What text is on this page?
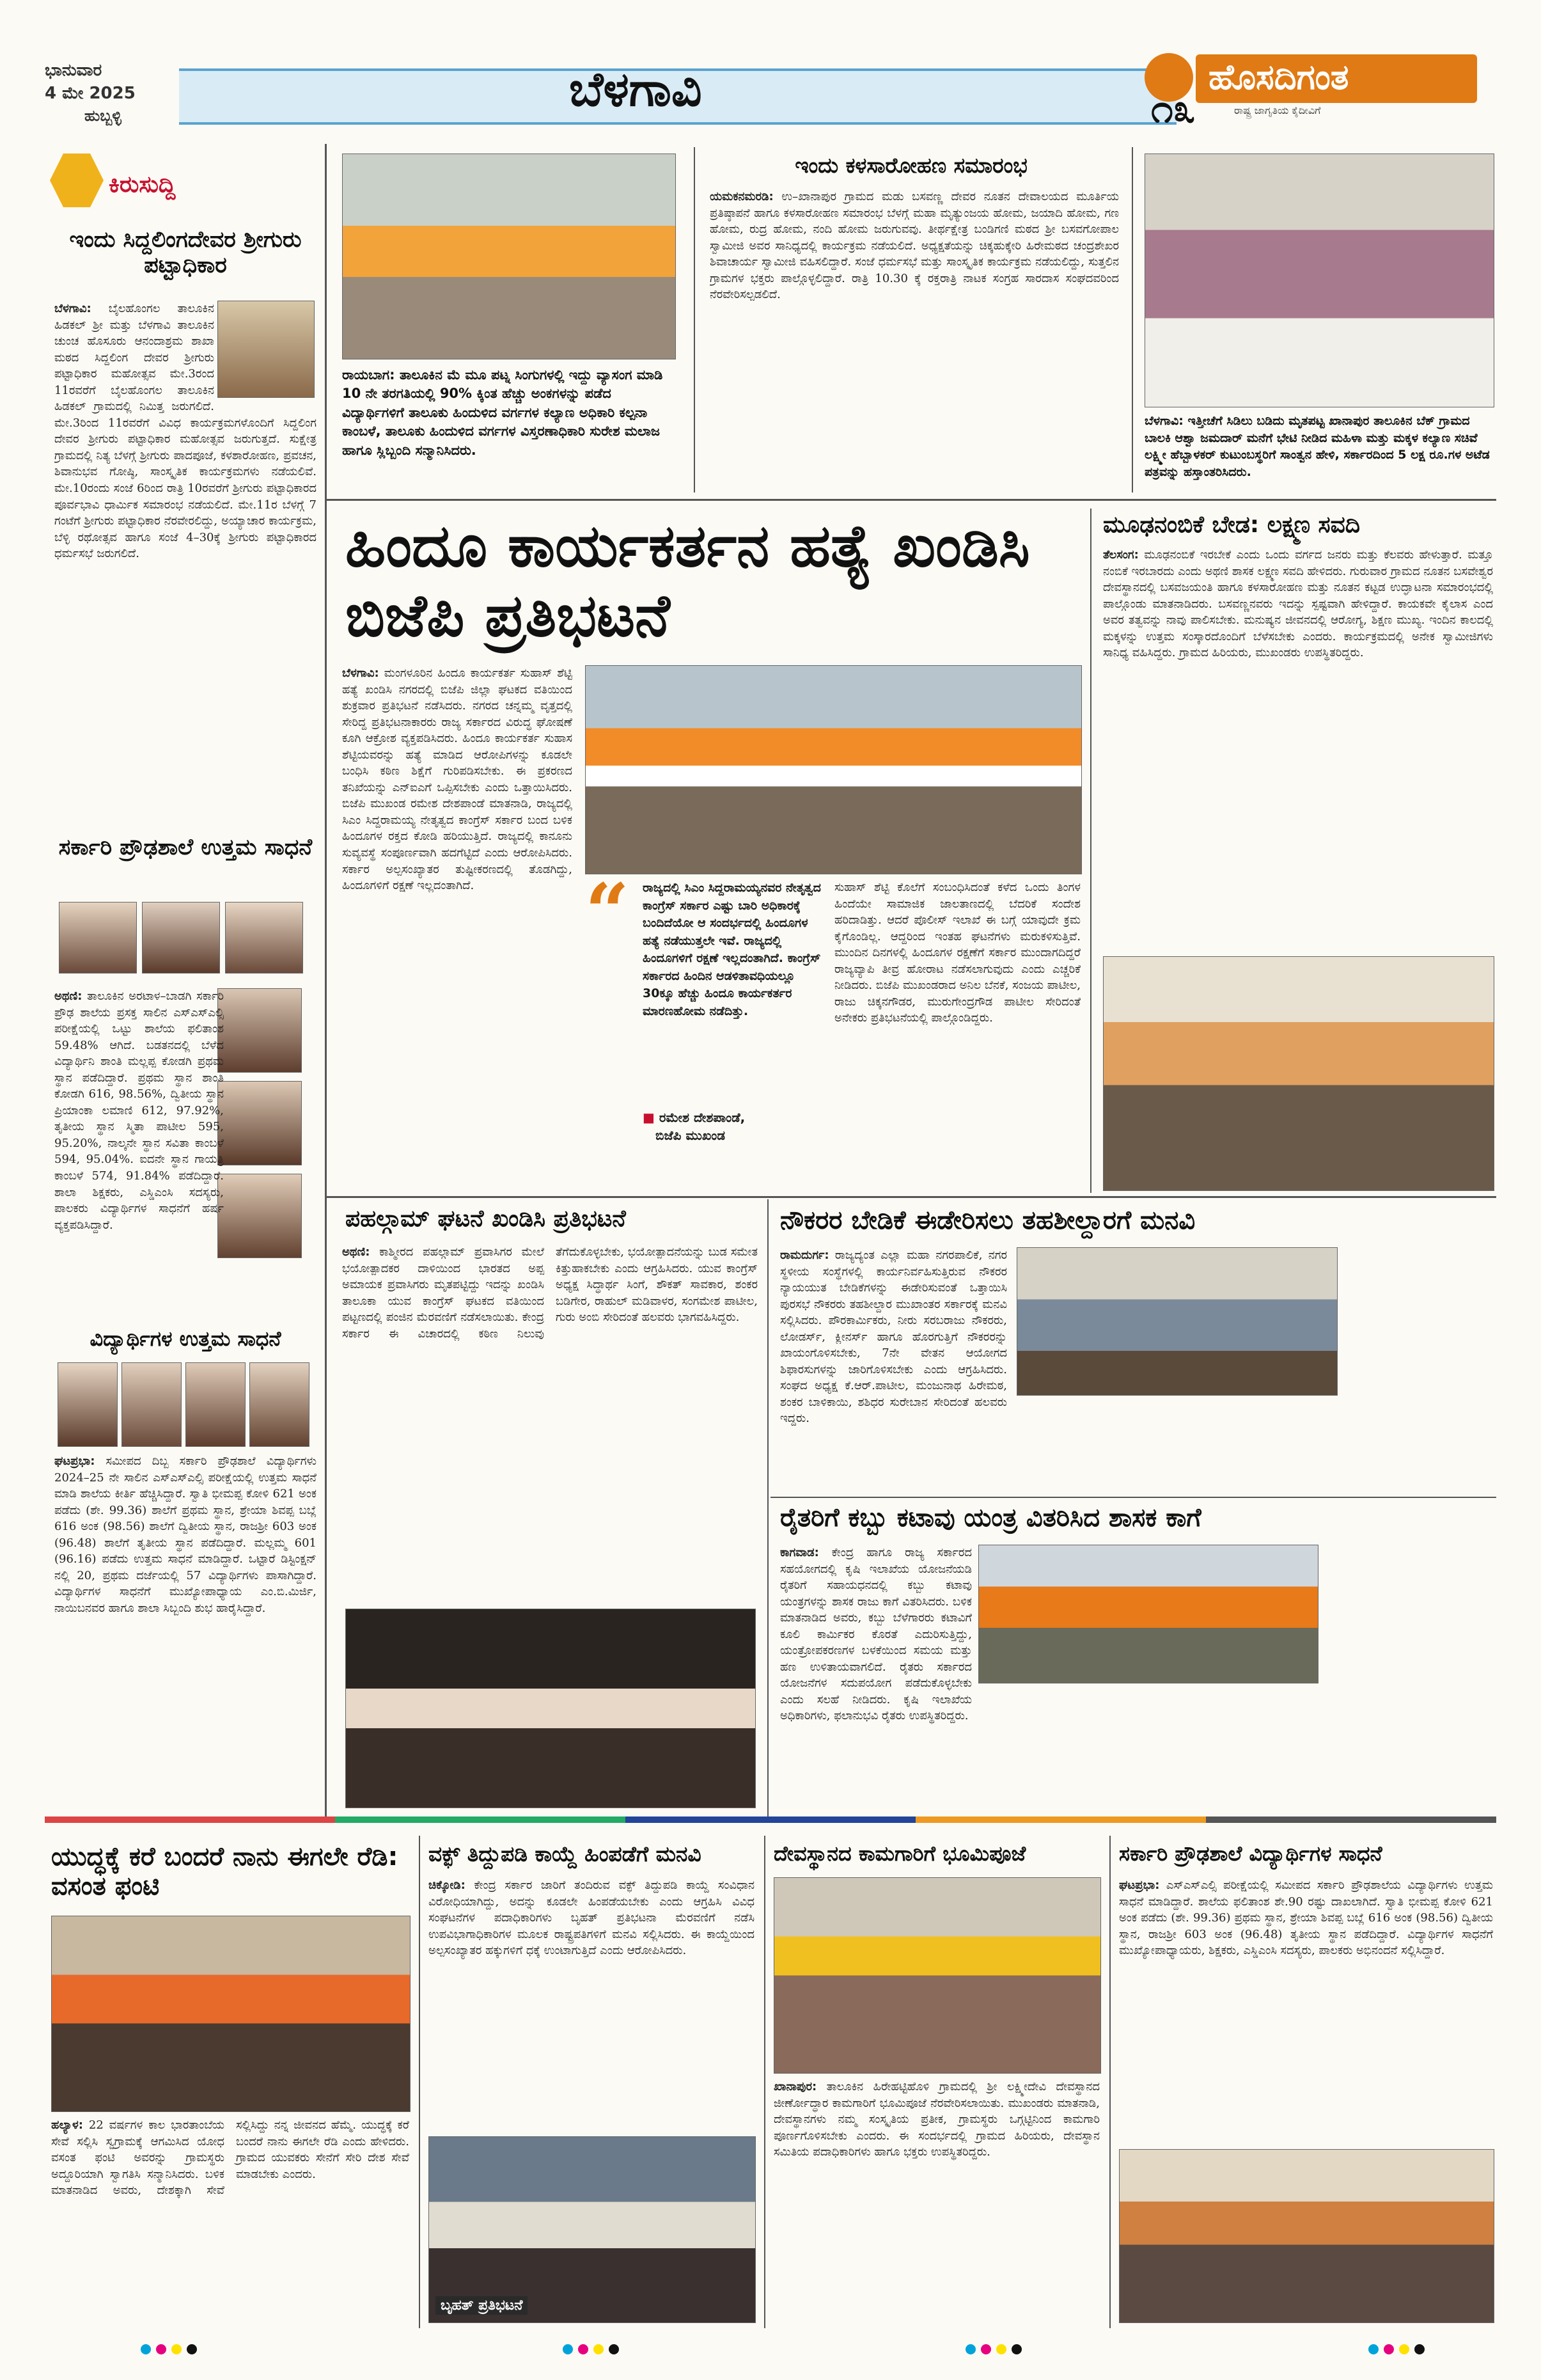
ಭಾನುವಾರ
4 ಮೇ 2025
ಹುಬ್ಬಳ್ಳಿ	ಬೆಳಗಾವಿ	ಹೊಸದಿಗಂತ
ರಾಷ್ಟ್ರ ಜಾಗೃತಿಯ ಕೈದೀವಿಗೆ
೧೩
ಕಿರುಸುದ್ದಿ
ಇಂದು ಸಿದ್ದಲಿಂಗದೇವರ ಶ್ರೀಗುರು ಪಟ್ಟಾಧಿಕಾರ
ಬೆಳಗಾವಿ: ಬೈಲಹೊಂಗಲ ತಾಲೂಕಿನ ಹಿಡಕಲ್ ಶ್ರೀ ಮತ್ತು ಬೆಳಗಾವಿ ತಾಲೂಕಿನ ಚುಂಚ ಹೊಸೂರು ಆನಂದಾಶ್ರಮ ಶಾಖಾ ಮಠದ ಸಿದ್ದಲಿಂಗ ದೇವರ ಶ್ರೀಗುರು ಪಟ್ಟಾಧಿಕಾರ ಮಹೋತ್ಸವ ಮೇ.3ರಂದ 11ರವರೆಗೆ ಬೈಲಹೊಂಗಲ ತಾಲೂಕಿನ ಹಿಡಕಲ್ ಗ್ರಾಮದಲ್ಲಿ ನಿಮಿತ್ತ ಜರುಗಲಿದೆ. ಮೇ.3ರಿಂದ 11ರವರೆಗೆ ವಿವಿಧ ಕಾರ್ಯಕ್ರಮಗಳೊಂದಿಗೆ ಸಿದ್ದಲಿಂಗ ದೇವರ ಶ್ರೀಗುರು ಪಟ್ಟಾಧಿಕಾರ ಮಹೋತ್ಸವ ಜರುಗುತ್ತದೆ. ಸುಕ್ಷೇತ್ರ ಗ್ರಾಮದಲ್ಲಿ ನಿತ್ಯ ಬೆಳಗ್ಗೆ ಶ್ರೀಗುರು ಪಾದಪೂಜೆ, ಕಳಶಾರೋಹಣ, ಪ್ರವಚನ, ಶಿವಾನುಭವ ಗೋಷ್ಠಿ, ಸಾಂಸ್ಕೃತಿಕ ಕಾರ್ಯಕ್ರಮಗಳು ನಡೆಯಲಿವೆ. ಮೇ.10ರಂದು ಸಂಜೆ 6ರಿಂದ ರಾತ್ರಿ 10ರವರೆಗೆ ಶ್ರೀಗುರು ಪಟ್ಟಾಧಿಕಾರದ ಪೂರ್ವಭಾವಿ ಧಾರ್ಮಿಕ ಸಮಾರಂಭ ನಡೆಯಲಿದೆ. ಮೇ.11ರ ಬೆಳಗ್ಗೆ 7 ಗಂಟೆಗೆ ಶ್ರೀಗುರು ಪಟ್ಟಾಧಿಕಾರ ನೆರವೇರಲಿದ್ದು, ಅಯ್ಯಾಚಾರ ಕಾರ್ಯಕ್ರಮ, ಬೆಳ್ಳಿ ರಥೋತ್ಸವ ಹಾಗೂ ಸಂಜೆ 4–30ಕ್ಕೆ ಶ್ರೀಗುರು ಪಟ್ಟಾಧಿಕಾರದ ಧರ್ಮಸಭೆ ಜರುಗಲಿದೆ.
ಸರ್ಕಾರಿ ಪ್ರೌಢಶಾಲೆ ಉತ್ತಮ ಸಾಧನೆ
ಅಥಣಿ: ತಾಲೂಕಿನ ಅರಟಾಳ–ಬಾಡಗಿ ಸರ್ಕಾರಿ ಪ್ರೌಢ ಶಾಲೆಯ ಪ್ರಸಕ್ತ ಸಾಲಿನ ಎಸ್ಎಸ್ಎಲ್ಸಿ ಪರೀಕ್ಷೆಯಲ್ಲಿ ಒಟ್ಟು ಶಾಲೆಯ ಫಲಿತಾಂಶ 59.48% ಆಗಿದೆ. ಬಡತನದಲ್ಲಿ ಬೆಳೆದ ವಿದ್ಯಾರ್ಥಿನಿ ಶಾಂತಿ ಮಲ್ಲಪ್ಪ ಕೋಡಗಿ ಪ್ರಥಮ ಸ್ಥಾನ ಪಡೆದಿದ್ದಾರೆ. ಪ್ರಥಮ ಸ್ಥಾನ ಶಾಂತಿ ಕೋಡಗಿ 616, 98.56%, ದ್ವಿತೀಯ ಸ್ಥಾನ ಪ್ರಿಯಾಂಕಾ ಲಮಾಣಿ 612, 97.92%, ತೃತೀಯ ಸ್ಥಾನ ಸ್ಮಿತಾ ಪಾಟೀಲ 595, 95.20%, ನಾಲ್ಕನೇ ಸ್ಥಾನ ಸವಿತಾ ಕಾಂಬಳೆ 594, 95.04%. ಐದನೇ ಸ್ಥಾನ ಗಾಯತ್ರಿ ಕಾಂಬಳೆ 574, 91.84% ಪಡೆದಿದ್ದಾರೆ. ಶಾಲಾ ಶಿಕ್ಷಕರು, ಎಸ್ಡಿಎಂಸಿ ಸದಸ್ಯರು, ಪಾಲಕರು ವಿದ್ಯಾರ್ಥಿಗಳ ಸಾಧನೆಗೆ ಹರ್ಷ ವ್ಯಕ್ತಪಡಿಸಿದ್ದಾರೆ.
ವಿದ್ಯಾರ್ಥಿಗಳ ಉತ್ತಮ ಸಾಧನೆ
ಘಟಪ್ರಭಾ: ಸಮೀಪದ ದಿಬ್ಬ ಸರ್ಕಾರಿ ಪ್ರೌಢಶಾಲೆ ವಿದ್ಯಾರ್ಥಿಗಳು 2024–25 ನೇ ಸಾಲಿನ ಎಸ್ಎಸ್ಎಲ್ಸಿ ಪರೀಕ್ಷೆಯಲ್ಲಿ ಉತ್ತಮ ಸಾಧನೆ ಮಾಡಿ ಶಾಲೆಯ ಕೀರ್ತಿ ಹೆಚ್ಚಿಸಿದ್ದಾರೆ. ಸ್ವಾತಿ ಭೀಮಪ್ಪ ಕೋಳಿ 621 ಅಂಕ ಪಡೆದು (ಶೇ. 99.36) ಶಾಲೆಗೆ ಪ್ರಥಮ ಸ್ಥಾನ, ಶ್ರೇಯಾ ಶಿವಪ್ಪ ಬಬ್ಲೆ 616 ಅಂಕ (98.56) ಶಾಲೆಗೆ ದ್ವಿತೀಯ ಸ್ಥಾನ, ರಾಜಶ್ರೀ 603 ಅಂಕ (96.48) ಶಾಲೆಗೆ ತೃತೀಯ ಸ್ಥಾನ ಪಡೆದಿದ್ದಾರೆ. ಮಲ್ಲಮ್ಮ 601 (96.16) ಪಡೆದು ಉತ್ತಮ ಸಾಧನೆ ಮಾಡಿದ್ದಾರೆ. ಒಟ್ಟಾರೆ ಡಿಸ್ಟಿಂಕ್ಷನ್ ನಲ್ಲಿ 20, ಪ್ರಥಮ ದರ್ಜೆಯಲ್ಲಿ 57 ವಿದ್ಯಾರ್ಥಿಗಳು ಪಾಸಾಗಿದ್ದಾರೆ. ವಿದ್ಯಾರ್ಥಿಗಳ ಸಾಧನೆಗೆ ಮುಖ್ಯೋಪಾಧ್ಯಾಯ ಎಂ.ಬಿ.ಮಿರ್ಜಿ, ನಾಯಿಬನವರ ಹಾಗೂ ಶಾಲಾ ಸಿಬ್ಬಂದಿ ಶುಭ ಹಾರೈಸಿದ್ದಾರೆ.
ರಾಯಬಾಗ: ತಾಲೂಕಿನ ಮೆ ಮೂ ಪಟ್ನ ಸಿಂಗುಗಳಲ್ಲಿ ಇದ್ದು ವ್ಯಾಸಂಗ ಮಾಡಿ 10 ನೇ ತರಗತಿಯಲ್ಲಿ 90% ಕ್ಕಿಂತ ಹೆಚ್ಚು ಅಂಕಗಳನ್ನು ಪಡೆದ ವಿದ್ಯಾರ್ಥಿಗಳಿಗೆ ತಾಲೂಕು ಹಿಂದುಳಿದ ವರ್ಗಗಳ ಕಲ್ಯಾಣ ಅಧಿಕಾರಿ ಕಲ್ಪನಾ ಕಾಂಬಳೆ, ತಾಲೂಕು ಹಿಂದುಳಿದ ವರ್ಗಗಳ ವಿಸ್ತರಣಾಧಿಕಾರಿ ಸುರೇಶ ಮಲಾಜ ಹಾಗೂ ಸ್ಲಿಬ್ಬಂದಿ ಸನ್ಮಾನಿಸಿದರು.
ಇಂದು ಕಳಸಾರೋಹಣ ಸಮಾರಂಭ
ಯಮಕನಮರಡಿ: ಉ–ಖಾನಾಪುರ ಗ್ರಾಮದ ಮಡು ಬಸವಣ್ಣ ದೇವರ ನೂತನ ದೇವಾಲಯದ ಮೂರ್ತಿಯ ಪ್ರತಿಷ್ಠಾಪನೆ ಹಾಗೂ ಕಳಸಾರೋಹಣ ಸಮಾರಂಭ ಬೆಳಗ್ಗೆ ಮಹಾ ಮೃತ್ಯುಂಜಯ ಹೋಮ, ಜಯಾದಿ ಹೋಮ, ಗಣ ಹೋಮ, ರುದ್ರ ಹೋಮ, ನಂದಿ ಹೋಮ ಜರುಗುವವು. ತೀರ್ಥಕ್ಷೇತ್ರ ಬಂಡಿಗಣಿ ಮಠದ ಶ್ರೀ ಬಸವಗೋಪಾಲ ಸ್ವಾಮೀಜಿ ಅವರ ಸಾನಿಧ್ಯದಲ್ಲಿ ಕಾರ್ಯಕ್ರಮ ನಡೆಯಲಿದೆ. ಅಧ್ಯಕ್ಷತೆಯನ್ನು ಚಿಕ್ಕಹುಕ್ಕೇರಿ ಹಿರೇಮಠದ ಚಂದ್ರಶೇಖರ ಶಿವಾಚಾರ್ಯ ಸ್ವಾಮೀಜಿ ವಹಿಸಲಿದ್ದಾರೆ. ಸಂಜೆ ಧರ್ಮಸಭೆ ಮತ್ತು ಸಾಂಸ್ಕೃತಿಕ ಕಾರ್ಯಕ್ರಮ ನಡೆಯಲಿದ್ದು, ಸುತ್ತಲಿನ ಗ್ರಾಮಗಳ ಭಕ್ತರು ಪಾಲ್ಗೊಳ್ಳಲಿದ್ದಾರೆ. ರಾತ್ರಿ 10.30 ಕ್ಕೆ ರಕ್ತರಾತ್ರಿ ನಾಟಕ ಸಂಗ್ರಹ ಸಾರದಾಸ ಸಂಘದವರಿಂದ ನೆರವೇರಿಸಲ್ಪಡಲಿದೆ.
ಬೆಳಗಾವಿ: ಇತ್ತೀಚೆಗೆ ಸಿಡಿಲು ಬಡಿದು ಮೃತಪಟ್ಟ ಖಾನಾಪುರ ತಾಲೂಕಿನ ಬೆಕ್ ಗ್ರಾಮದ ಬಾಲಕಿ ಆಶ್ವಾ ಜಮದಾರ್ ಮನೆಗೆ ಭೇಟಿ ನೀಡಿದ ಮಹಿಳಾ ಮತ್ತು ಮಕ್ಕಳ ಕಲ್ಯಾಣ ಸಚಿವೆ ಲಕ್ಷ್ಮೀ ಹೆಬ್ಬಾಳಕರ್ ಕುಟುಂಬಸ್ಥರಿಗೆ ಸಾಂತ್ವನ ಹೇಳಿ, ಸರ್ಕಾರದಿಂದ 5 ಲಕ್ಷ ರೂ.ಗಳ ಅಟೆಡ ಪತ್ರವನ್ನು ಹಸ್ತಾಂತರಿಸಿದರು.
ಹಿಂದೂ ಕಾರ್ಯಕರ್ತನ ಹತ್ಯೆ ಖಂಡಿಸಿ ಬಿಜೆಪಿ ಪ್ರತಿಭಟನೆ
ಬೆಳಗಾವಿ: ಮಂಗಳೂರಿನ ಹಿಂದೂ ಕಾರ್ಯಕರ್ತ ಸುಹಾಸ್ ಶೆಟ್ಟಿ ಹತ್ಯೆ ಖಂಡಿಸಿ ನಗರದಲ್ಲಿ ಬಿಜೆಪಿ ಜಿಲ್ಲಾ ಘಟಕದ ವತಿಯಿಂದ ಶುಕ್ರವಾರ ಪ್ರತಿಭಟನೆ ನಡೆಸಿದರು. ನಗರದ ಚನ್ನಮ್ಮ ವೃತ್ತದಲ್ಲಿ ಸೇರಿದ್ದ ಪ್ರತಿಭಟನಾಕಾರರು ರಾಜ್ಯ ಸರ್ಕಾರದ ವಿರುದ್ಧ ಘೋಷಣೆ ಕೂಗಿ ಆಕ್ರೋಶ ವ್ಯಕ್ತಪಡಿಸಿದರು. ಹಿಂದೂ ಕಾರ್ಯಕರ್ತ ಸುಹಾಸ ಶೆಟ್ಟಿಯವರನ್ನು ಹತ್ಯೆ ಮಾಡಿದ ಆರೋಪಿಗಳನ್ನು ಕೂಡಲೇ ಬಂಧಿಸಿ ಕಠಿಣ ಶಿಕ್ಷೆಗೆ ಗುರಿಪಡಿಸಬೇಕು. ಈ ಪ್ರಕರಣದ ತನಿಖೆಯನ್ನು ಎನ್ಐಎಗೆ ಒಪ್ಪಿಸಬೇಕು ಎಂದು ಒತ್ತಾಯಿಸಿದರು. ಬಿಜೆಪಿ ಮುಖಂಡ ರಮೇಶ ದೇಶಪಾಂಡೆ ಮಾತನಾಡಿ, ರಾಜ್ಯದಲ್ಲಿ ಸಿಎಂ ಸಿದ್ದರಾಮಯ್ಯ ನೇತೃತ್ವದ ಕಾಂಗ್ರೆಸ್ ಸರ್ಕಾರ ಬಂದ ಬಳಿಕ ಹಿಂದೂಗಳ ರಕ್ತದ ಕೋಡಿ ಹರಿಯುತ್ತಿದೆ. ರಾಜ್ಯದಲ್ಲಿ ಕಾನೂನು ಸುವ್ಯವಸ್ಥೆ ಸಂಪೂರ್ಣವಾಗಿ ಹದಗೆಟ್ಟಿದೆ ಎಂದು ಆರೋಪಿಸಿದರು. ಸರ್ಕಾರ ಅಲ್ಪಸಂಖ್ಯಾತರ ತುಷ್ಟೀಕರಣದಲ್ಲಿ ತೊಡಗಿದ್ದು, ಹಿಂದೂಗಳಿಗೆ ರಕ್ಷಣೆ ಇಲ್ಲದಂತಾಗಿದೆ.	“ ರಾಜ್ಯದಲ್ಲಿ ಸಿಎಂ ಸಿದ್ದರಾಮಯ್ಯನವರ ನೇತೃತ್ವದ ಕಾಂಗ್ರೆಸ್ ಸರ್ಕಾರ ಎಷ್ಟು ಬಾರಿ ಅಧಿಕಾರಕ್ಕೆ ಬಂದಿದೆಯೋ ಆ ಸಂದರ್ಭದಲ್ಲಿ ಹಿಂದೂಗಳ ಹತ್ಯೆ ನಡೆಯುತ್ತಲೇ ಇವೆ. ರಾಜ್ಯದಲ್ಲಿ ಹಿಂದೂಗಳಿಗೆ ರಕ್ಷಣೆ ಇಲ್ಲದಂತಾಗಿದೆ. ಕಾಂಗ್ರೆಸ್ ಸರ್ಕಾರದ ಹಿಂದಿನ ಆಡಳಿತಾವಧಿಯಲ್ಲೂ 30ಕ್ಕೂ ಹೆಚ್ಚು ಹಿಂದೂ ಕಾರ್ಯಕರ್ತರ ಮಾರಣಹೋಮ ನಡೆದಿತ್ತು.
■ ರಮೇಶ ದೇಶಪಾಂಡೆ,
ಬಿಜೆಪಿ ಮುಖಂಡ
ಸುಹಾಸ್ ಶೆಟ್ಟಿ ಕೊಲೆಗೆ ಸಂಬಂಧಿಸಿದಂತೆ ಕಳೆದ ಒಂದು ತಿಂಗಳ ಹಿಂದೆಯೇ ಸಾಮಾಜಿಕ ಜಾಲತಾಣದಲ್ಲಿ ಬೆದರಿಕೆ ಸಂದೇಶ ಹರಿದಾಡಿತ್ತು. ಆದರೆ ಪೊಲೀಸ್ ಇಲಾಖೆ ಈ ಬಗ್ಗೆ ಯಾವುದೇ ಕ್ರಮ ಕೈಗೊಂಡಿಲ್ಲ. ಆದ್ದರಿಂದ ಇಂತಹ ಘಟನೆಗಳು ಮರುಕಳಿಸುತ್ತಿವೆ. ಮುಂದಿನ ದಿನಗಳಲ್ಲಿ ಹಿಂದೂಗಳ ರಕ್ಷಣೆಗೆ ಸರ್ಕಾರ ಮುಂದಾಗದಿದ್ದರೆ ರಾಜ್ಯವ್ಯಾಪಿ ತೀವ್ರ ಹೋರಾಟ ನಡೆಸಲಾಗುವುದು ಎಂದು ಎಚ್ಚರಿಕೆ ನೀಡಿದರು. ಬಿಜೆಪಿ ಮುಖಂಡರಾದ ಅನಿಲ ಬೆನಕೆ, ಸಂಜಯ ಪಾಟೀಲ, ರಾಜು ಚಿಕ್ಕನಗೌಡರ, ಮುರುಗೇಂದ್ರಗೌಡ ಪಾಟೀಲ ಸೇರಿದಂತೆ ಅನೇಕರು ಪ್ರತಿಭಟನೆಯಲ್ಲಿ ಪಾಲ್ಗೊಂಡಿದ್ದರು.
ಮೂಢನಂಬಿಕೆ ಬೇಡ: ಲಕ್ಷ್ಮಣ ಸವದಿ
ತೆಲಸಂಗ: ಮೂಢನಂಬಿಕೆ ಇರಬೇಕೆ ಎಂದು ಒಂದು ವರ್ಗದ ಜನರು ಮತ್ತು ಕೆಲವರು ಹೇಳುತ್ತಾರೆ. ಮತ್ತೂ ನಂಬಿಕೆ ಇರಬಾರದು ಎಂದು ಅಥಣಿ ಶಾಸಕ ಲಕ್ಷ್ಮಣ ಸವದಿ ಹೇಳಿದರು. ಗುರುವಾರ ಗ್ರಾಮದ ನೂತನ ಬಸವೇಶ್ವರ ದೇವಸ್ಥಾನದಲ್ಲಿ ಬಸವಜಯಂತಿ ಹಾಗೂ ಕಳಸಾರೋಹಣ ಮತ್ತು ನೂತನ ಕಟ್ಟಡ ಉದ್ಘಾಟನಾ ಸಮಾರಂಭದಲ್ಲಿ ಪಾಲ್ಗೊಂಡು ಮಾತನಾಡಿದರು. ಬಸವಣ್ಣನವರು ಇದನ್ನು ಸ್ಪಷ್ಟವಾಗಿ ಹೇಳಿದ್ದಾರೆ. ಕಾಯಕವೇ ಕೈಲಾಸ ಎಂದ ಅವರ ತತ್ವವನ್ನು ನಾವು ಪಾಲಿಸಬೇಕು. ಮನುಷ್ಯನ ಜೀವನದಲ್ಲಿ ಆರೋಗ್ಯ, ಶಿಕ್ಷಣ ಮುಖ್ಯ. ಇಂದಿನ ಕಾಲದಲ್ಲಿ ಮಕ್ಕಳನ್ನು ಉತ್ತಮ ಸಂಸ್ಕಾರದೊಂದಿಗೆ ಬೆಳೆಸಬೇಕು ಎಂದರು. ಕಾರ್ಯಕ್ರಮದಲ್ಲಿ ಅನೇಕ ಸ್ವಾಮೀಜಿಗಳು ಸಾನಿಧ್ಯ ವಹಿಸಿದ್ದರು. ಗ್ರಾಮದ ಹಿರಿಯರು, ಮುಖಂಡರು ಉಪಸ್ಥಿತರಿದ್ದರು.
ಪಹಲ್ಗಾಮ್ ಘಟನೆ ಖಂಡಿಸಿ ಪ್ರತಿಭಟನೆ
ಅಥಣಿ: ಕಾಶ್ಮೀರದ ಪಹಲ್ಗಾಮ್ ಪ್ರವಾಸಿಗರ ಮೇಲೆ ಭಯೋತ್ಪಾದಕರ ದಾಳಿಯಿಂದ ಭಾರತದ ಅಪ್ಪ ಅಮಾಯಕ ಪ್ರವಾಸಿಗರು ಮೃತಪಟ್ಟಿದ್ದು ಇದನ್ನು ಖಂಡಿಸಿ ತಾಲೂಕಾ ಯುವ ಕಾಂಗ್ರೆಸ್ ಘಟಕದ ವತಿಯಿಂದ ಪಟ್ಟಣದಲ್ಲಿ ಪಂಜಿನ ಮೆರವಣಿಗೆ ನಡೆಸಲಾಯಿತು. ಕೇಂದ್ರ ಸರ್ಕಾರ ಈ ವಿಚಾರದಲ್ಲಿ ಕಠಿಣ ನಿಲುವು ತೆಗೆದುಕೊಳ್ಳಬೇಕು, ಭಯೋತ್ಪಾದನೆಯನ್ನು ಬುಡ ಸಮೇತ ಕಿತ್ತುಹಾಕಬೇಕು ಎಂದು ಆಗ್ರಹಿಸಿದರು. ಯುವ ಕಾಂಗ್ರೆಸ್ ಅಧ್ಯಕ್ಷ ಸಿದ್ಧಾರ್ಥ ಸಿಂಗೆ, ಶೌಕತ್ ಸಾವಕಾರ, ಶಂಕರ ಬಡಿಗೇರ, ರಾಹುಲ್ ಮಡಿವಾಳರ, ಸಂಗಮೇಶ ಪಾಟೀಲ, ಗುರು ಅಂಬಿ ಸೇರಿದಂತೆ ಹಲವರು ಭಾಗವಹಿಸಿದ್ದರು.
ನೌಕರರ ಬೇಡಿಕೆ ಈಡೇರಿಸಲು ತಹಶೀಲ್ದಾರಗೆ ಮನವಿ
ರಾಮದುರ್ಗ: ರಾಜ್ಯದ್ಯಂತ ಎಲ್ಲಾ ಮಹಾ ನಗರಪಾಲಿಕೆ, ನಗರ ಸ್ಥಳೀಯ ಸಂಸ್ಥೆಗಳಲ್ಲಿ ಕಾರ್ಯನಿರ್ವಹಿಸುತ್ತಿರುವ ನೌಕರರ ನ್ಯಾಯಯುತ ಬೇಡಿಕೆಗಳನ್ನು ಈಡೇರಿಸುವಂತೆ ಒತ್ತಾಯಿಸಿ ಪುರಸಭೆ ನೌಕರರು ತಹಶೀಲ್ದಾರ ಮುಖಾಂತರ ಸರ್ಕಾರಕ್ಕೆ ಮನವಿ ಸಲ್ಲಿಸಿದರು. ಪೌರಕಾರ್ಮಿಕರು, ನೀರು ಸರಬರಾಜು ನೌಕರರು, ಲೋಡರ್ಸ್, ಕ್ಲೀನರ್ಸ್ ಹಾಗೂ ಹೊರಗುತ್ತಿಗೆ ನೌಕರರನ್ನು ಖಾಯಂಗೊಳಿಸಬೇಕು, 7ನೇ ವೇತನ ಆಯೋಗದ ಶಿಫಾರಸುಗಳನ್ನು ಜಾರಿಗೊಳಿಸಬೇಕು ಎಂದು ಆಗ್ರಹಿಸಿದರು. ಸಂಘದ ಅಧ್ಯಕ್ಷ ಕೆ.ಆರ್.ಪಾಟೀಲ, ಮಂಜುನಾಥ ಹಿರೇಮಠ, ಶಂಕರ ಬಾಳಿಕಾಯಿ, ಶಶಿಧರ ಸುರೇಬಾನ ಸೇರಿದಂತೆ ಹಲವರು ಇದ್ದರು.
ರೈತರಿಗೆ ಕಬ್ಬು ಕಟಾವು ಯಂತ್ರ ವಿತರಿಸಿದ ಶಾಸಕ ಕಾಗೆ
ಕಾಗವಾಡ: ಕೇಂದ್ರ ಹಾಗೂ ರಾಜ್ಯ ಸರ್ಕಾರದ ಸಹಯೋಗದಲ್ಲಿ ಕೃಷಿ ಇಲಾಖೆಯ ಯೋಜನೆಯಡಿ ರೈತರಿಗೆ ಸಹಾಯಧನದಲ್ಲಿ ಕಬ್ಬು ಕಟಾವು ಯಂತ್ರಗಳನ್ನು ಶಾಸಕ ರಾಜು ಕಾಗೆ ವಿತರಿಸಿದರು. ಬಳಿಕ ಮಾತನಾಡಿದ ಅವರು, ಕಬ್ಬು ಬೆಳೆಗಾರರು ಕಟಾವಿಗೆ ಕೂಲಿ ಕಾರ್ಮಿಕರ ಕೊರತೆ ಎದುರಿಸುತ್ತಿದ್ದು, ಯಂತ್ರೋಪಕರಣಗಳ ಬಳಕೆಯಿಂದ ಸಮಯ ಮತ್ತು ಹಣ ಉಳಿತಾಯವಾಗಲಿದೆ. ರೈತರು ಸರ್ಕಾರದ ಯೋಜನೆಗಳ ಸದುಪಯೋಗ ಪಡೆದುಕೊಳ್ಳಬೇಕು ಎಂದು ಸಲಹೆ ನೀಡಿದರು. ಕೃಷಿ ಇಲಾಖೆಯ ಅಧಿಕಾರಿಗಳು, ಫಲಾನುಭವಿ ರೈತರು ಉಪಸ್ಥಿತರಿದ್ದರು.
ಯುದ್ಧಕ್ಕೆ ಕರೆ ಬಂದರೆ ನಾನು ಈಗಲೇ ರೆಡಿ: ವಸಂತ ಫಂಟಿ
ಹಲ್ಯಾಳ: 22 ವರ್ಷಗಳ ಕಾಲ ಭಾರತಾಂಬೆಯ ಸೇವೆ ಸಲ್ಲಿಸಿ ಸ್ವಗ್ರಾಮಕ್ಕೆ ಆಗಮಿಸಿದ ಯೋಧ ವಸಂತ ಫಂಟಿ ಅವರನ್ನು ಗ್ರಾಮಸ್ಥರು ಅದ್ದೂರಿಯಾಗಿ ಸ್ವಾಗತಿಸಿ ಸನ್ಮಾನಿಸಿದರು. ಬಳಿಕ ಮಾತನಾಡಿದ ಅವರು, ದೇಶಕ್ಕಾಗಿ ಸೇವೆ ಸಲ್ಲಿಸಿದ್ದು ನನ್ನ ಜೀವನದ ಹೆಮ್ಮೆ. ಯುದ್ಧಕ್ಕೆ ಕರೆ ಬಂದರೆ ನಾನು ಈಗಲೇ ರೆಡಿ ಎಂದು ಹೇಳಿದರು. ಗ್ರಾಮದ ಯುವಕರು ಸೇನೆಗೆ ಸೇರಿ ದೇಶ ಸೇವೆ ಮಾಡಬೇಕು ಎಂದರು.
ವಕ್ಫ್ ತಿದ್ದುಪಡಿ ಕಾಯ್ದೆ ಹಿಂಪಡೆಗೆ ಮನವಿ
ಚಿಕ್ಕೋಡಿ: ಕೇಂದ್ರ ಸರ್ಕಾರ ಜಾರಿಗೆ ತಂದಿರುವ ವಕ್ಫ್ ತಿದ್ದುಪಡಿ ಕಾಯ್ದೆ ಸಂವಿಧಾನ ವಿರೋಧಿಯಾಗಿದ್ದು, ಅದನ್ನು ಕೂಡಲೇ ಹಿಂಪಡೆಯಬೇಕು ಎಂದು ಆಗ್ರಹಿಸಿ ವಿವಿಧ ಸಂಘಟನೆಗಳ ಪದಾಧಿಕಾರಿಗಳು ಬೃಹತ್ ಪ್ರತಿಭಟನಾ ಮೆರವಣಿಗೆ ನಡೆಸಿ ಉಪವಿಭಾಗಾಧಿಕಾರಿಗಳ ಮೂಲಕ ರಾಷ್ಟ್ರಪತಿಗಳಿಗೆ ಮನವಿ ಸಲ್ಲಿಸಿದರು. ಈ ಕಾಯ್ದೆಯಿಂದ ಅಲ್ಪಸಂಖ್ಯಾತರ ಹಕ್ಕುಗಳಿಗೆ ಧಕ್ಕೆ ಉಂಟಾಗುತ್ತಿದೆ ಎಂದು ಆರೋಪಿಸಿದರು.
ಬೃಹತ್ ಪ್ರತಿಭಟನೆ
ದೇವಸ್ಥಾನದ ಕಾಮಗಾರಿಗೆ ಭೂಮಿಪೂಜೆ
ಖಾನಾಪುರ: ತಾಲೂಕಿನ ಹಿರೇಹಟ್ಟಿಹೊಳಿ ಗ್ರಾಮದಲ್ಲಿ ಶ್ರೀ ಲಕ್ಷ್ಮೀದೇವಿ ದೇವಸ್ಥಾನದ ಜೀರ್ಣೋದ್ಧಾರ ಕಾಮಗಾರಿಗೆ ಭೂಮಿಪೂಜೆ ನೆರವೇರಿಸಲಾಯಿತು. ಮುಖಂಡರು ಮಾತನಾಡಿ, ದೇವಸ್ಥಾನಗಳು ನಮ್ಮ ಸಂಸ್ಕೃತಿಯ ಪ್ರತೀಕ, ಗ್ರಾಮಸ್ಥರು ಒಗ್ಗಟ್ಟಿನಿಂದ ಕಾಮಗಾರಿ ಪೂರ್ಣಗೊಳಿಸಬೇಕು ಎಂದರು. ಈ ಸಂದರ್ಭದಲ್ಲಿ ಗ್ರಾಮದ ಹಿರಿಯರು, ದೇವಸ್ಥಾನ ಸಮಿತಿಯ ಪದಾಧಿಕಾರಿಗಳು ಹಾಗೂ ಭಕ್ತರು ಉಪಸ್ಥಿತರಿದ್ದರು.
ಸರ್ಕಾರಿ ಪ್ರೌಢಶಾಲೆ ವಿದ್ಯಾರ್ಥಿಗಳ ಸಾಧನೆ
ಘಟಪ್ರಭಾ: ಎಸ್ಎಸ್ಎಲ್ಸಿ ಪರೀಕ್ಷೆಯಲ್ಲಿ ಸಮೀಪದ ಸರ್ಕಾರಿ ಪ್ರೌಢಶಾಲೆಯ ವಿದ್ಯಾರ್ಥಿಗಳು ಉತ್ತಮ ಸಾಧನೆ ಮಾಡಿದ್ದಾರೆ. ಶಾಲೆಯ ಫಲಿತಾಂಶ ಶೇ.90 ರಷ್ಟು ದಾಖಲಾಗಿದೆ. ಸ್ವಾತಿ ಭೀಮಪ್ಪ ಕೋಳಿ 621 ಅಂಕ ಪಡೆದು (ಶೇ. 99.36) ಪ್ರಥಮ ಸ್ಥಾನ, ಶ್ರೇಯಾ ಶಿವಪ್ಪ ಬಬ್ಲೆ 616 ಅಂಕ (98.56) ದ್ವಿತೀಯ ಸ್ಥಾನ, ರಾಜಶ್ರೀ 603 ಅಂಕ (96.48) ತೃತೀಯ ಸ್ಥಾನ ಪಡೆದಿದ್ದಾರೆ. ವಿದ್ಯಾರ್ಥಿಗಳ ಸಾಧನೆಗೆ ಮುಖ್ಯೋಪಾಧ್ಯಾಯರು, ಶಿಕ್ಷಕರು, ಎಸ್ಡಿಎಂಸಿ ಸದಸ್ಯರು, ಪಾಲಕರು ಅಭಿನಂದನೆ ಸಲ್ಲಿಸಿದ್ದಾರೆ.
